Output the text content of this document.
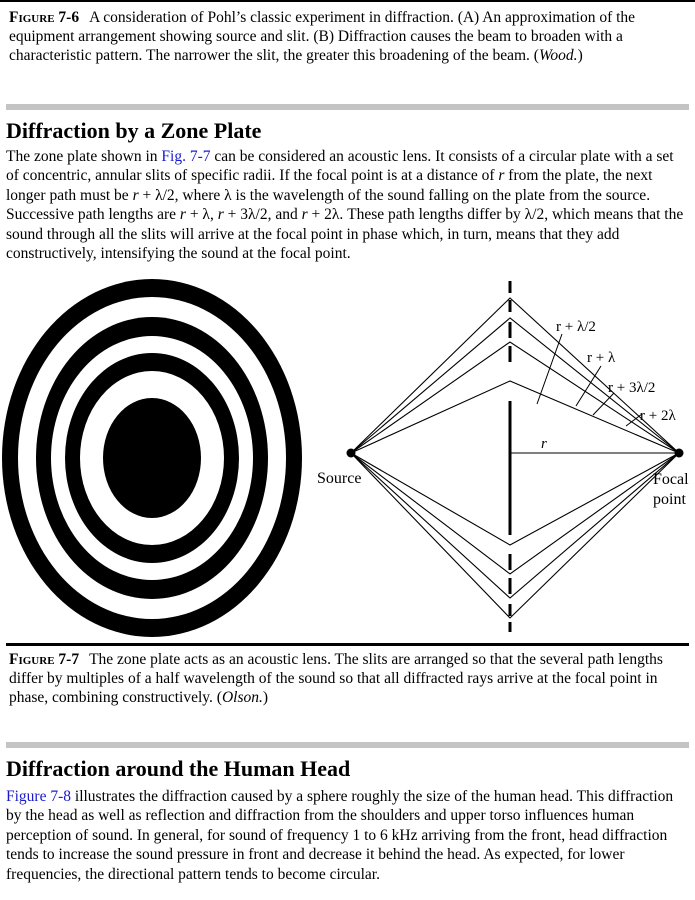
Figure 7-6 A consideration of Pohl’s classic experiment in diffraction. (A) An approximation of the equipment arrangement showing source and slit. (B) Diffraction causes the beam to broaden with a characteristic pattern. The narrower the slit, the greater this broadening of the beam. (Wood.)
Diffraction by a Zone Plate
The zone plate shown in Fig. 7-7 can be considered an acoustic lens. It consists of a circular plate with a set of concentric, annular slits of specific radii. If the focal point is at a distance of r from the plate, the next longer path must be r + λ/2, where λ is the wavelength of the sound falling on the plate from the source. Successive path lengths are r + λ, r + 3λ/2, and r + 2λ. These path lengths differ by λ/2, which means that the sound through all the slits will arrive at the focal point in phase which, in turn, means that they add constructively, intensifying the sound at the focal point.
r + λ/2
r + λ
r + 3λ/2
r + 2λ
r
Source	Focal
point
Figure 7-7 The zone plate acts as an acoustic lens. The slits are arranged so that the several path lengths differ by multiples of a half wavelength of the sound so that all diffracted rays arrive at the focal point in phase, combining constructively. (Olson.)
Diffraction around the Human Head
Figure 7-8 illustrates the diffraction caused by a sphere roughly the size of the human head. This diffraction by the head as well as reflection and diffraction from the shoulders and upper torso influences human perception of sound. In general, for sound of frequency 1 to 6 kHz arriving from the front, head diffraction tends to increase the sound pressure in front and decrease it behind the head. As expected, for lower frequencies, the directional pattern tends to become circular.
